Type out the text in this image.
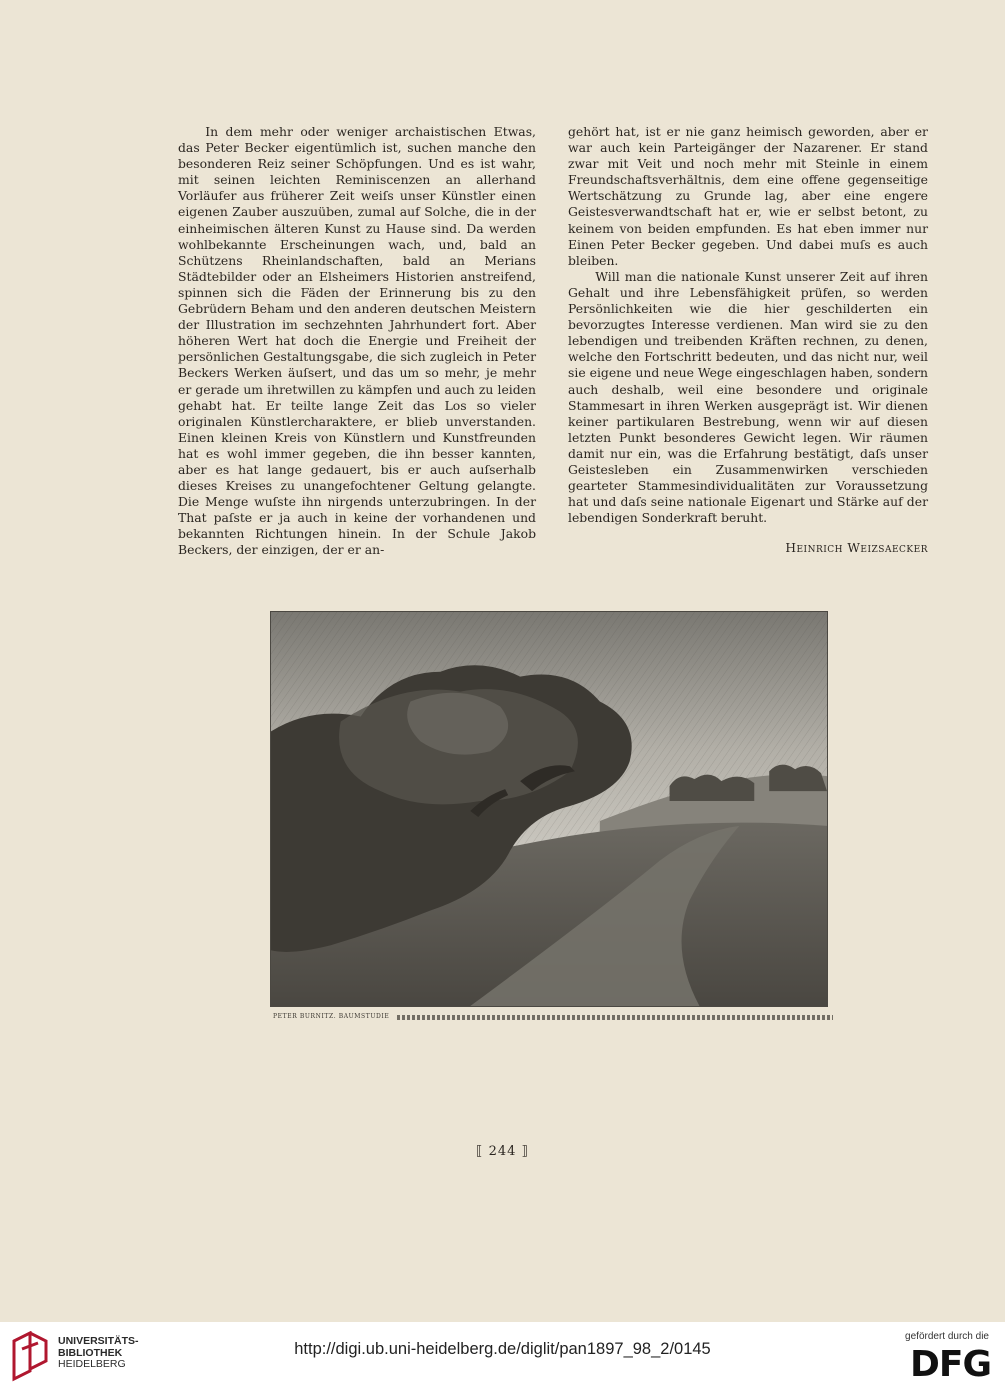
In dem mehr oder weniger archaistischen Etwas, das Peter Becker eigentümlich ist, suchen manche den besonderen Reiz seiner Schöpfungen. Und es ist wahr, mit seinen leichten Reminiscenzen an allerhand Vorläufer aus früherer Zeit weiſs unser Künstler einen eigenen Zauber auszuüben, zumal auf Solche, die in der einheimischen älteren Kunst zu Hause sind. Da werden wohlbekannte Erscheinungen wach, und, bald an Schützens Rheinlandschaften, bald an Merians Städtebilder oder an Elsheimers Historien anstreifend, spinnen sich die Fäden der Erinnerung bis zu den Gebrüdern Beham und den anderen deutschen Meistern der Illustration im sechzehnten Jahrhundert fort. Aber höheren Wert hat doch die Energie und Freiheit der persönlichen Gestaltungsgabe, die sich zugleich in Peter Beckers Werken äuſsert, und das um so mehr, je mehr er gerade um ihretwillen zu kämpfen und auch zu leiden gehabt hat. Er teilte lange Zeit das Los so vieler originalen Künstlercharaktere, er blieb unverstanden. Einen kleinen Kreis von Künstlern und Kunstfreunden hat es wohl immer gegeben, die ihn besser kannten, aber es hat lange gedauert, bis er auch auſserhalb dieses Kreises zu unangefochtener Geltung gelangte. Die Menge wuſste ihn nirgends unterzubringen. In der That paſste er ja auch in keine der vorhandenen und bekannten Richtungen hinein. In der Schule Jakob Beckers, der einzigen, der er an-

gehört hat, ist er nie ganz heimisch geworden, aber er war auch kein Parteigänger der Nazarener. Er stand zwar mit Veit und noch mehr mit Steinle in einem Freundschaftsverhältnis, dem eine offene gegenseitige Wertschätzung zu Grunde lag, aber eine engere Geistesverwandtschaft hat er, wie er selbst betont, zu keinem von beiden empfunden. Es hat eben immer nur Einen Peter Becker gegeben. Und dabei muſs es auch bleiben.

Will man die nationale Kunst unserer Zeit auf ihren Gehalt und ihre Lebensfähigkeit prüfen, so werden Persönlichkeiten wie die hier geschilderten ein bevorzugtes Interesse verdienen. Man wird sie zu den lebendigen und treibenden Kräften rechnen, zu denen, welche den Fortschritt bedeuten, und das nicht nur, weil sie eigene und neue Wege eingeschlagen haben, sondern auch deshalb, weil eine besondere und originale Stammesart in ihren Werken ausgeprägt ist. Wir dienen keiner partikularen Bestrebung, wenn wir auf diesen letzten Punkt besonderes Gewicht legen. Wir räumen damit nur ein, was die Erfahrung bestätigt, daſs unser Geistesleben ein Zusammenwirken verschieden gearteter Stammesindividualitäten zur Voraussetzung hat und daſs seine nationale Eigenart und Stärke auf der lebendigen Sonderkraft beruht.

Heinrich Weizsaecker
PETER BURNITZ. BAUMSTUDIE
⟦ 244 ⟧
UNIVERSITÄTS-
BIBLIOTHEK
HEIDELBERG
http://digi.ub.uni-heidelberg.de/diglit/pan1897_98_2/0145
gefördert durch die
DFG
